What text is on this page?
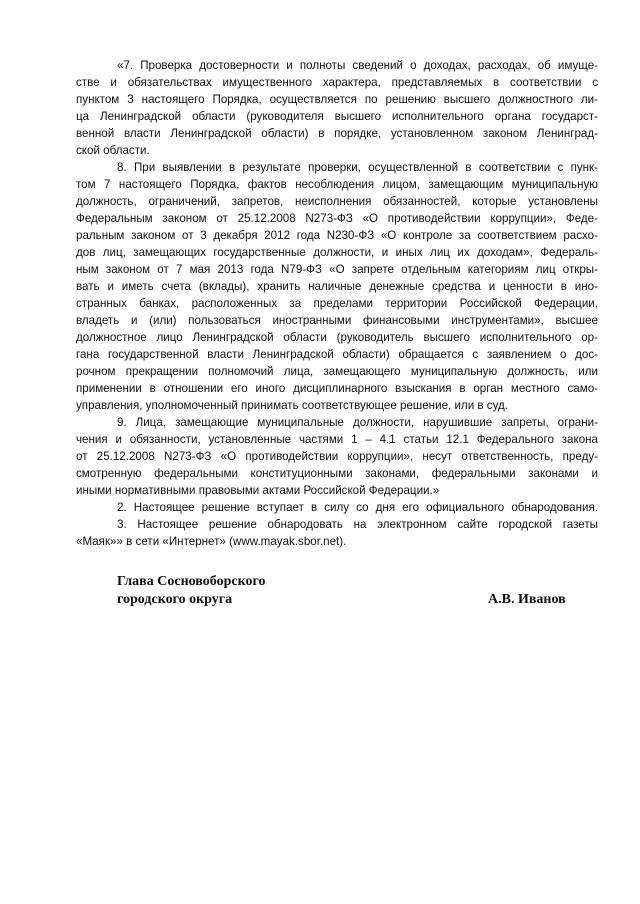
«7. Проверка достоверности и полноты сведений о доходах, расходах, об имуще-
стве и обязательствах имущественного характера, представляемых в соответствии с
пунктом 3 настоящего Порядка, осуществляется по решению высшего должностного ли-
ца Ленинградской области (руководителя высшего исполнительного органа государст-
венной власти Ленинградской области) в порядке, установленном законом Ленинград-
ской области.
8. При выявлении в результате проверки, осуществленной в соответствии с пунк-
том 7 настоящего Порядка, фактов несоблюдения лицом, замещающим муниципальную
должность, ограничений, запретов, неисполнения обязанностей, которые установлены
Федеральным законом от 25.12.2008 N273-ФЗ «О противодействии коррупции», Феде-
ральным законом от 3 декабря 2012 года N230-ФЗ «О контроле за соответствием расхо-
дов лиц, замещающих государственные должности, и иных лиц их доходам», Федераль-
ным законом от 7 мая 2013 года N79-ФЗ «О запрете отдельным категориям лиц откры-
вать и иметь счета (вклады), хранить наличные денежные средства и ценности в ино-
странных банках, расположенных за пределами территории Российской Федерации,
владеть и (или) пользоваться иностранными финансовыми инструментами», высшее
должностное лицо Ленинградской области (руководитель высшего исполнительного ор-
гана государственной власти Ленинградской области) обращается с заявлением о дос-
рочном прекращении полномочий лица, замещающего муниципальную должность, или
применении в отношении его иного дисциплинарного взыскания в орган местного само-
управления, уполномоченный принимать соответствующее решение, или в суд.
9. Лица, замещающие муниципальные должности, нарушившие запреты, ограни-
чения и обязанности, установленные частями 1 – 4.1 статьи 12.1 Федерального закона
от 25.12.2008 N273-ФЗ «О противодействии коррупции», несут ответственность, преду-
смотренную федеральными конституционными законами, федеральными законами и
иными нормативными правовыми актами Российской Федерации.»
2. Настоящее решение вступает в силу со дня его официального обнародования.
3. Настоящее решение обнародовать на электронном сайте городской газеты
«Маяк»» в сети «Интернет» (www.mayak.sbor.net).
Глава Сосновоборского
городского округа	А.В. Иванов
